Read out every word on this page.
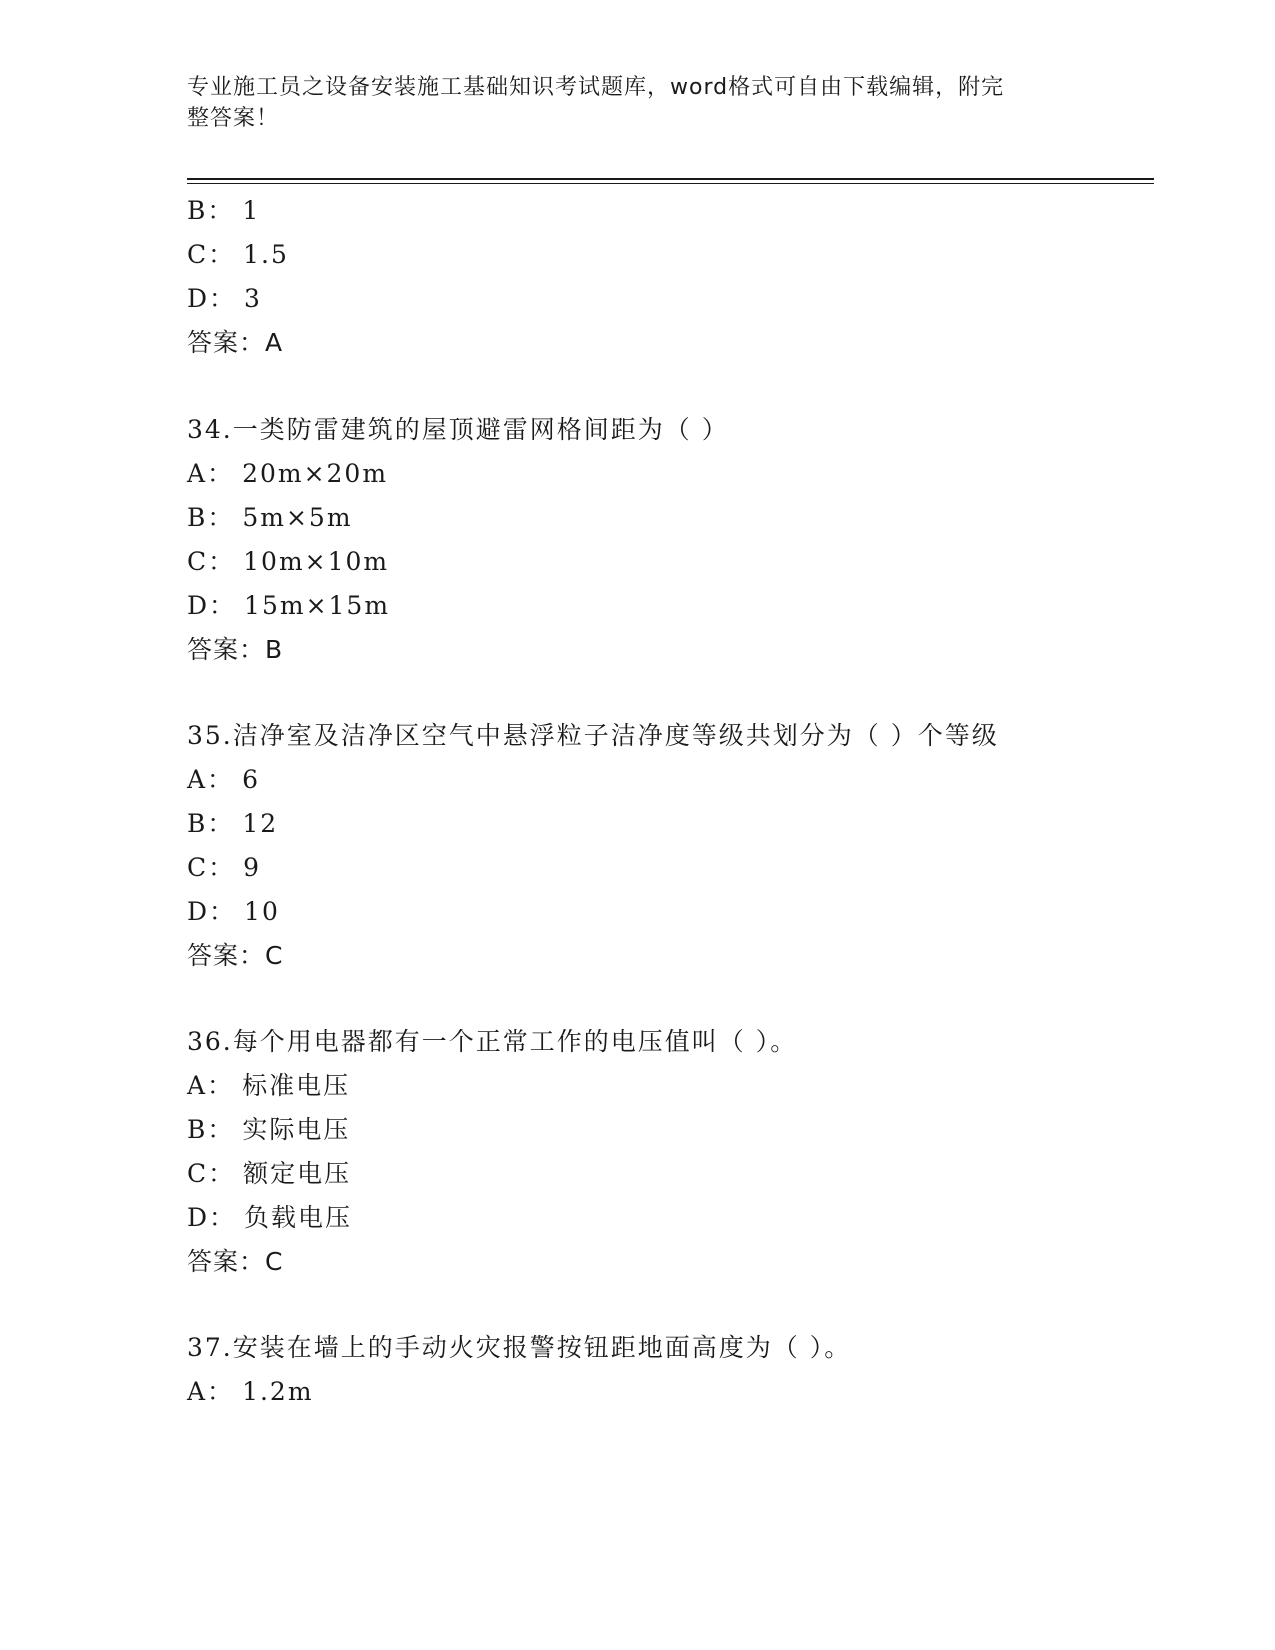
专业施工员之设备安装施工基础知识考试题库，word格式可自由下载编辑，附完
整答案！
B： 1
C： 1.5
D： 3
答案：A
34.一类防雷建筑的屋顶避雷网格间距为（ ）
A： 20m×20m
B： 5m×5m
C： 10m×10m
D： 15m×15m
答案：B
35.洁净室及洁净区空气中悬浮粒子洁净度等级共划分为（ ）个等级
A： 6
B： 12
C： 9
D： 10
答案：C
36.每个用电器都有一个正常工作的电压值叫（ ）。
A： 标准电压
B： 实际电压
C： 额定电压
D： 负载电压
答案：C
37.安装在墙上的手动火灾报警按钮距地面高度为（ ）。
A： 1.2m
